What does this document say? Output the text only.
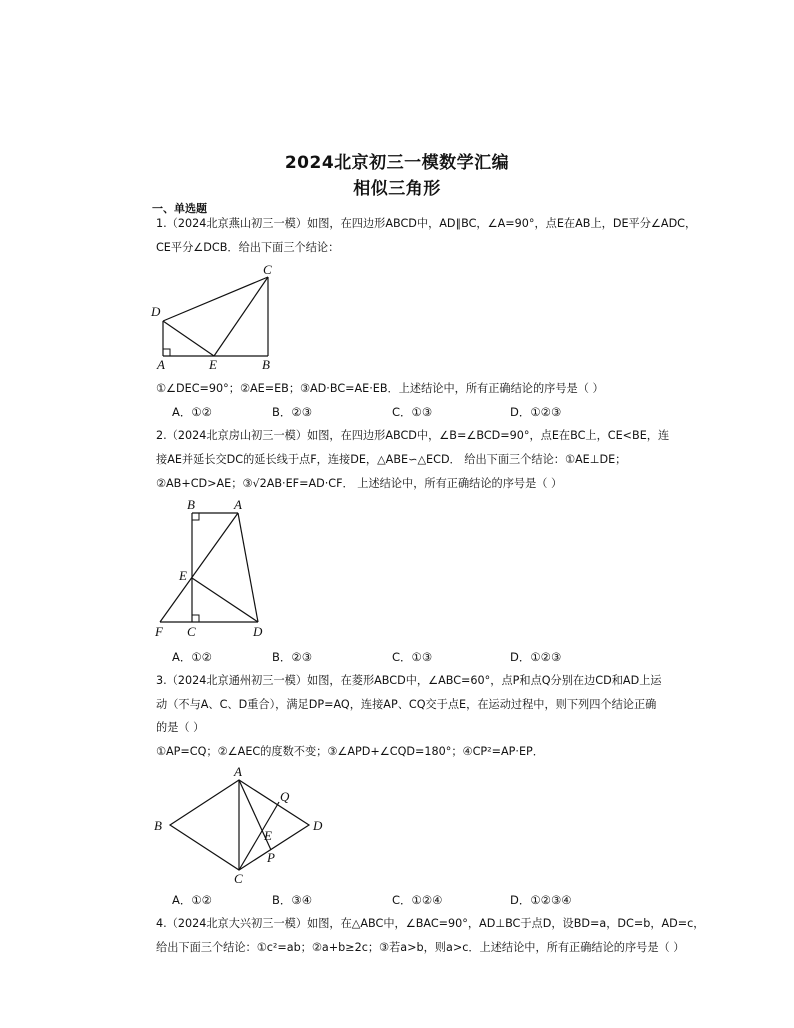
2024北京初三一模数学汇编
相似三角形
一、单选题
1.（2024北京燕山初三一模）如图，在四边形ABCD中，AD∥BC，∠A=90°，点E在AB上，DE平分∠ADC，
CE平分∠DCB．给出下面三个结论：
C
D
A	E	B
①∠DEC=90°；②AE=EB；③AD·BC=AE·EB．上述结论中，所有正确结论的序号是（ ）
A．①②	B．②③	C．①③	D．①②③
2.（2024北京房山初三一模）如图，在四边形ABCD中，∠B=∠BCD=90°，点E在BC上，CE<BE，连
接AE并延长交DC的延长线于点F，连接DE，△ABE∽△ECD． 给出下面三个结论：①AE⊥DE；
②AB+CD>AE；③√2AB·EF=AD·CF． 上述结论中，所有正确结论的序号是（ ）
B	A
E
F C	D
A．①②	B．②③	C．①③	D．①②③
3.（2024北京通州初三一模）如图，在菱形ABCD中，∠ABC=60°，点P和点Q分别在边CD和AD上运
动（不与A、C、D重合），满足DP=AQ，连接AP、CQ交于点E，在运动过程中，则下列四个结论正确
的是（ ）
①AP=CQ；②∠AEC的度数不变；③∠APD+∠CQD=180°；④CP²=AP·EP．
A
B
C
D
Q
E
P
A．①②	B．③④	C．①②④	D．①②③④
4.（2024北京大兴初三一模）如图，在△ABC中，∠BAC=90°，AD⊥BC于点D，设BD=a，DC=b，AD=c，
给出下面三个结论：①c²=ab；②a+b≥2c；③若a>b，则a>c．上述结论中，所有正确结论的序号是（ ）
